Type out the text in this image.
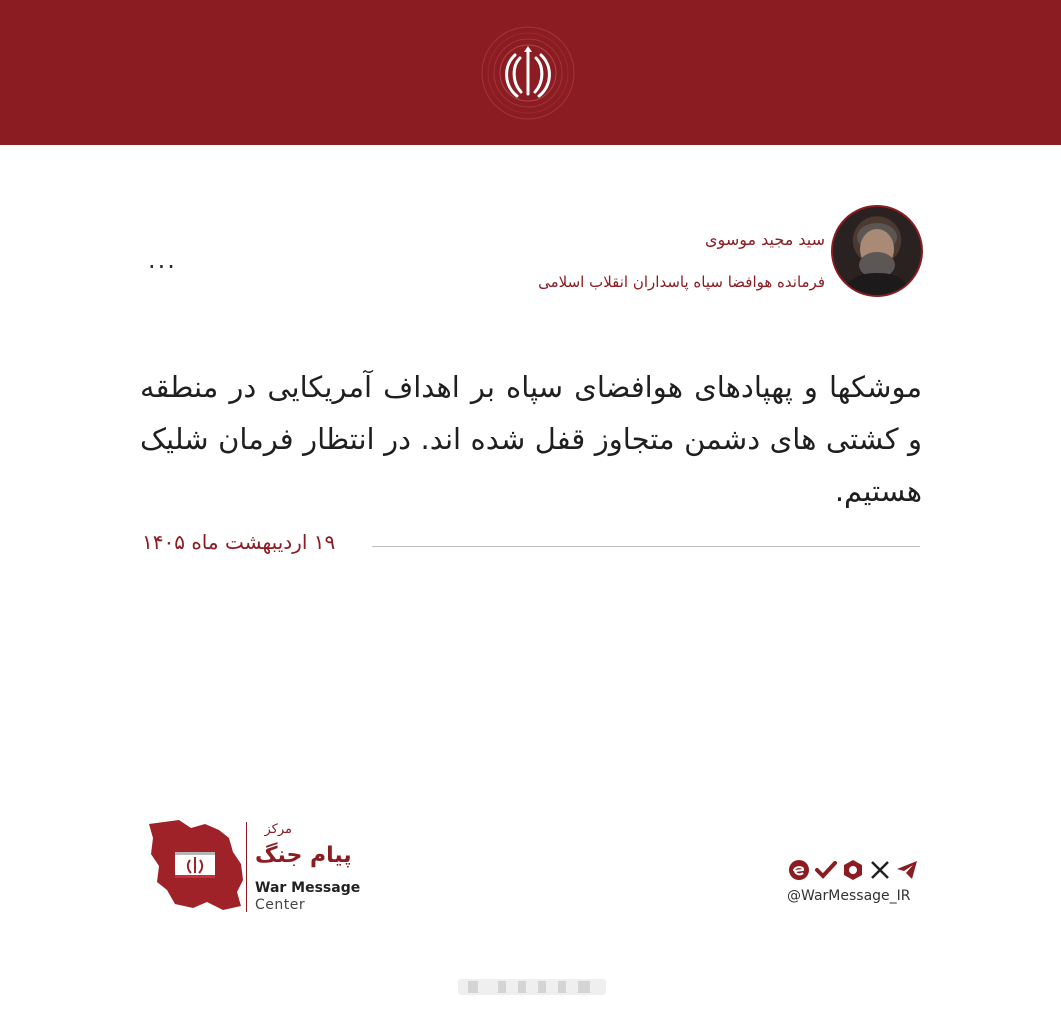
سید مجید موسوی
فرمانده هوافضا سپاه پاسداران انقلاب اسلامی
...
موشکها و پهپادهای هوافضای سپاه بر اهداف آمریکایی در منطقه و کشتی های دشمن متجاوز قفل شده اند. در انتظار فرمان شلیک هستیم.
۱۹ اردیبهشت ماه ۱۴۰۵
مرکز
پیام جنگ
War Message
Center
@WarMessage_IR
